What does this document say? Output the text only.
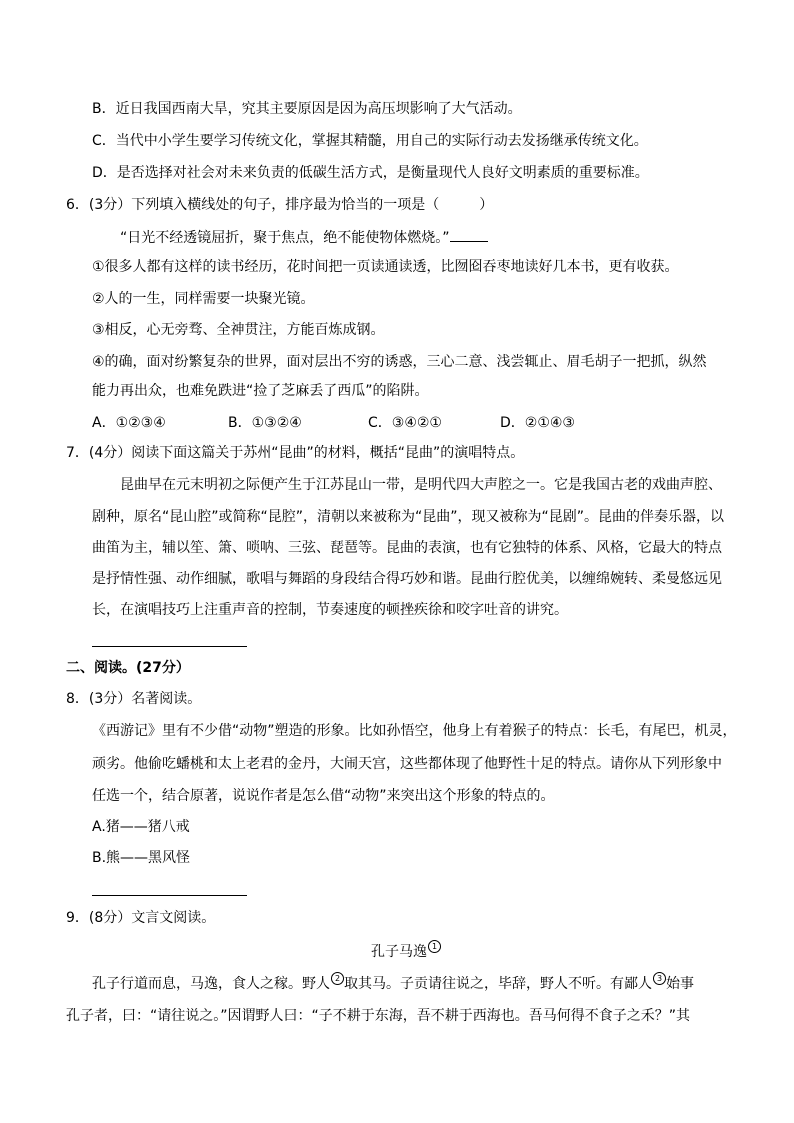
B．近日我国西南大旱，究其主要原因是因为高压坝影响了大气活动。
C．当代中小学生要学习传统文化，掌握其精髓，用自己的实际行动去发扬继承传统文化。
D．是否选择对社会对未来负责的低碳生活方式，是衡量现代人良好文明素质的重要标准。
6．(3分）下列填入横线处的句子，排序最为恰当的一项是（	）
“日光不经透镜屈折，聚于焦点，绝不能使物体燃烧。”
①很多人都有这样的读书经历，花时间把一页读通读透，比囫囵吞枣地读好几本书，更有收获。
②人的一生，同样需要一块聚光镜。
③相反，心无旁骛、全神贯注，方能百炼成钢。
④的确，面对纷繁复杂的世界，面对层出不穷的诱惑，三心二意、浅尝辄止、眉毛胡子一把抓，纵然
能力再出众，也难免跌进“捡了芝麻丢了西瓜”的陷阱。
A．①②③④	B．①③②④	C．③④②①	D．②①④③
7．(4分）阅读下面这篇关于苏州“昆曲”的材料，概括“昆曲”的演唱特点。
昆曲早在元末明初之际便产生于江苏昆山一带，是明代四大声腔之一。它是我国古老的戏曲声腔、
剧种，原名“昆山腔”或简称“昆腔”，清朝以来被称为“昆曲”，现又被称为“昆剧”。昆曲的伴奏乐器，以
曲笛为主，辅以笙、箫、唢呐、三弦、琵琶等。昆曲的表演，也有它独特的体系、风格，它最大的特点
是抒情性强、动作细腻，歌唱与舞蹈的身段结合得巧妙和谐。昆曲行腔优美，以缠绵婉转、柔曼悠远见
长，在演唱技巧上注重声音的控制，节奏速度的顿挫疾徐和咬字吐音的讲究。
二、阅读。(27分）
8．(3分）名著阅读。
《西游记》里有不少借“动物”塑造的形象。比如孙悟空，他身上有着猴子的特点：长毛，有尾巴，机灵，
顽劣。他偷吃蟠桃和太上老君的金丹，大闹天宫，这些都体现了他野性十足的特点。请你从下列形象中
任选一个，结合原著，说说作者是怎么借“动物”来突出这个形象的特点的。
A.猪——猪八戒
B.熊——黑风怪
9．(8分）文言文阅读。
孔子马逸 1
孔子行道而息，马逸，食人之稼。野人 2 取其马。子贡请往说之，毕辞，野人不听。有鄙人 3 始事
孔子者，曰：“请往说之。”因谓野人曰：“子不耕于东海，吾不耕于西海也。吾马何得不食子之禾？”其
